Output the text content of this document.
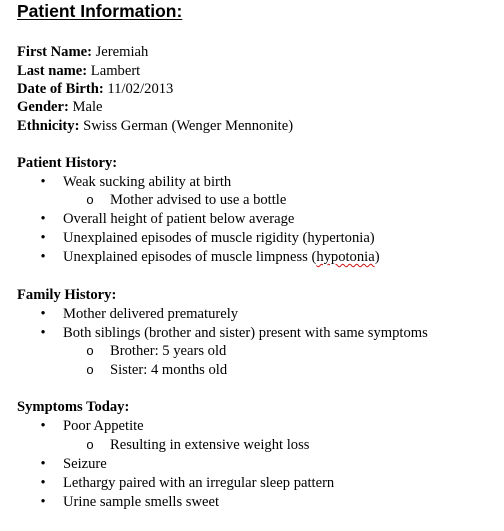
Patient Information:
First Name: Jeremiah
Last name: Lambert
Date of Birth: 11/02/2013
Gender: Male
Ethnicity: Swiss German (Wenger Mennonite)
Patient History:
• Weak sucking ability at birth
o Mother advised to use a bottle
• Overall height of patient below average
• Unexplained episodes of muscle rigidity (hypertonia)
• Unexplained episodes of muscle limpness (hypotonia)
Family History:
• Mother delivered prematurely
• Both siblings (brother and sister) present with same symptoms
o Brother: 5 years old
o Sister: 4 months old
Symptoms Today:
• Poor Appetite
o Resulting in extensive weight loss
• Seizure
• Lethargy paired with an irregular sleep pattern
• Urine sample smells sweet
